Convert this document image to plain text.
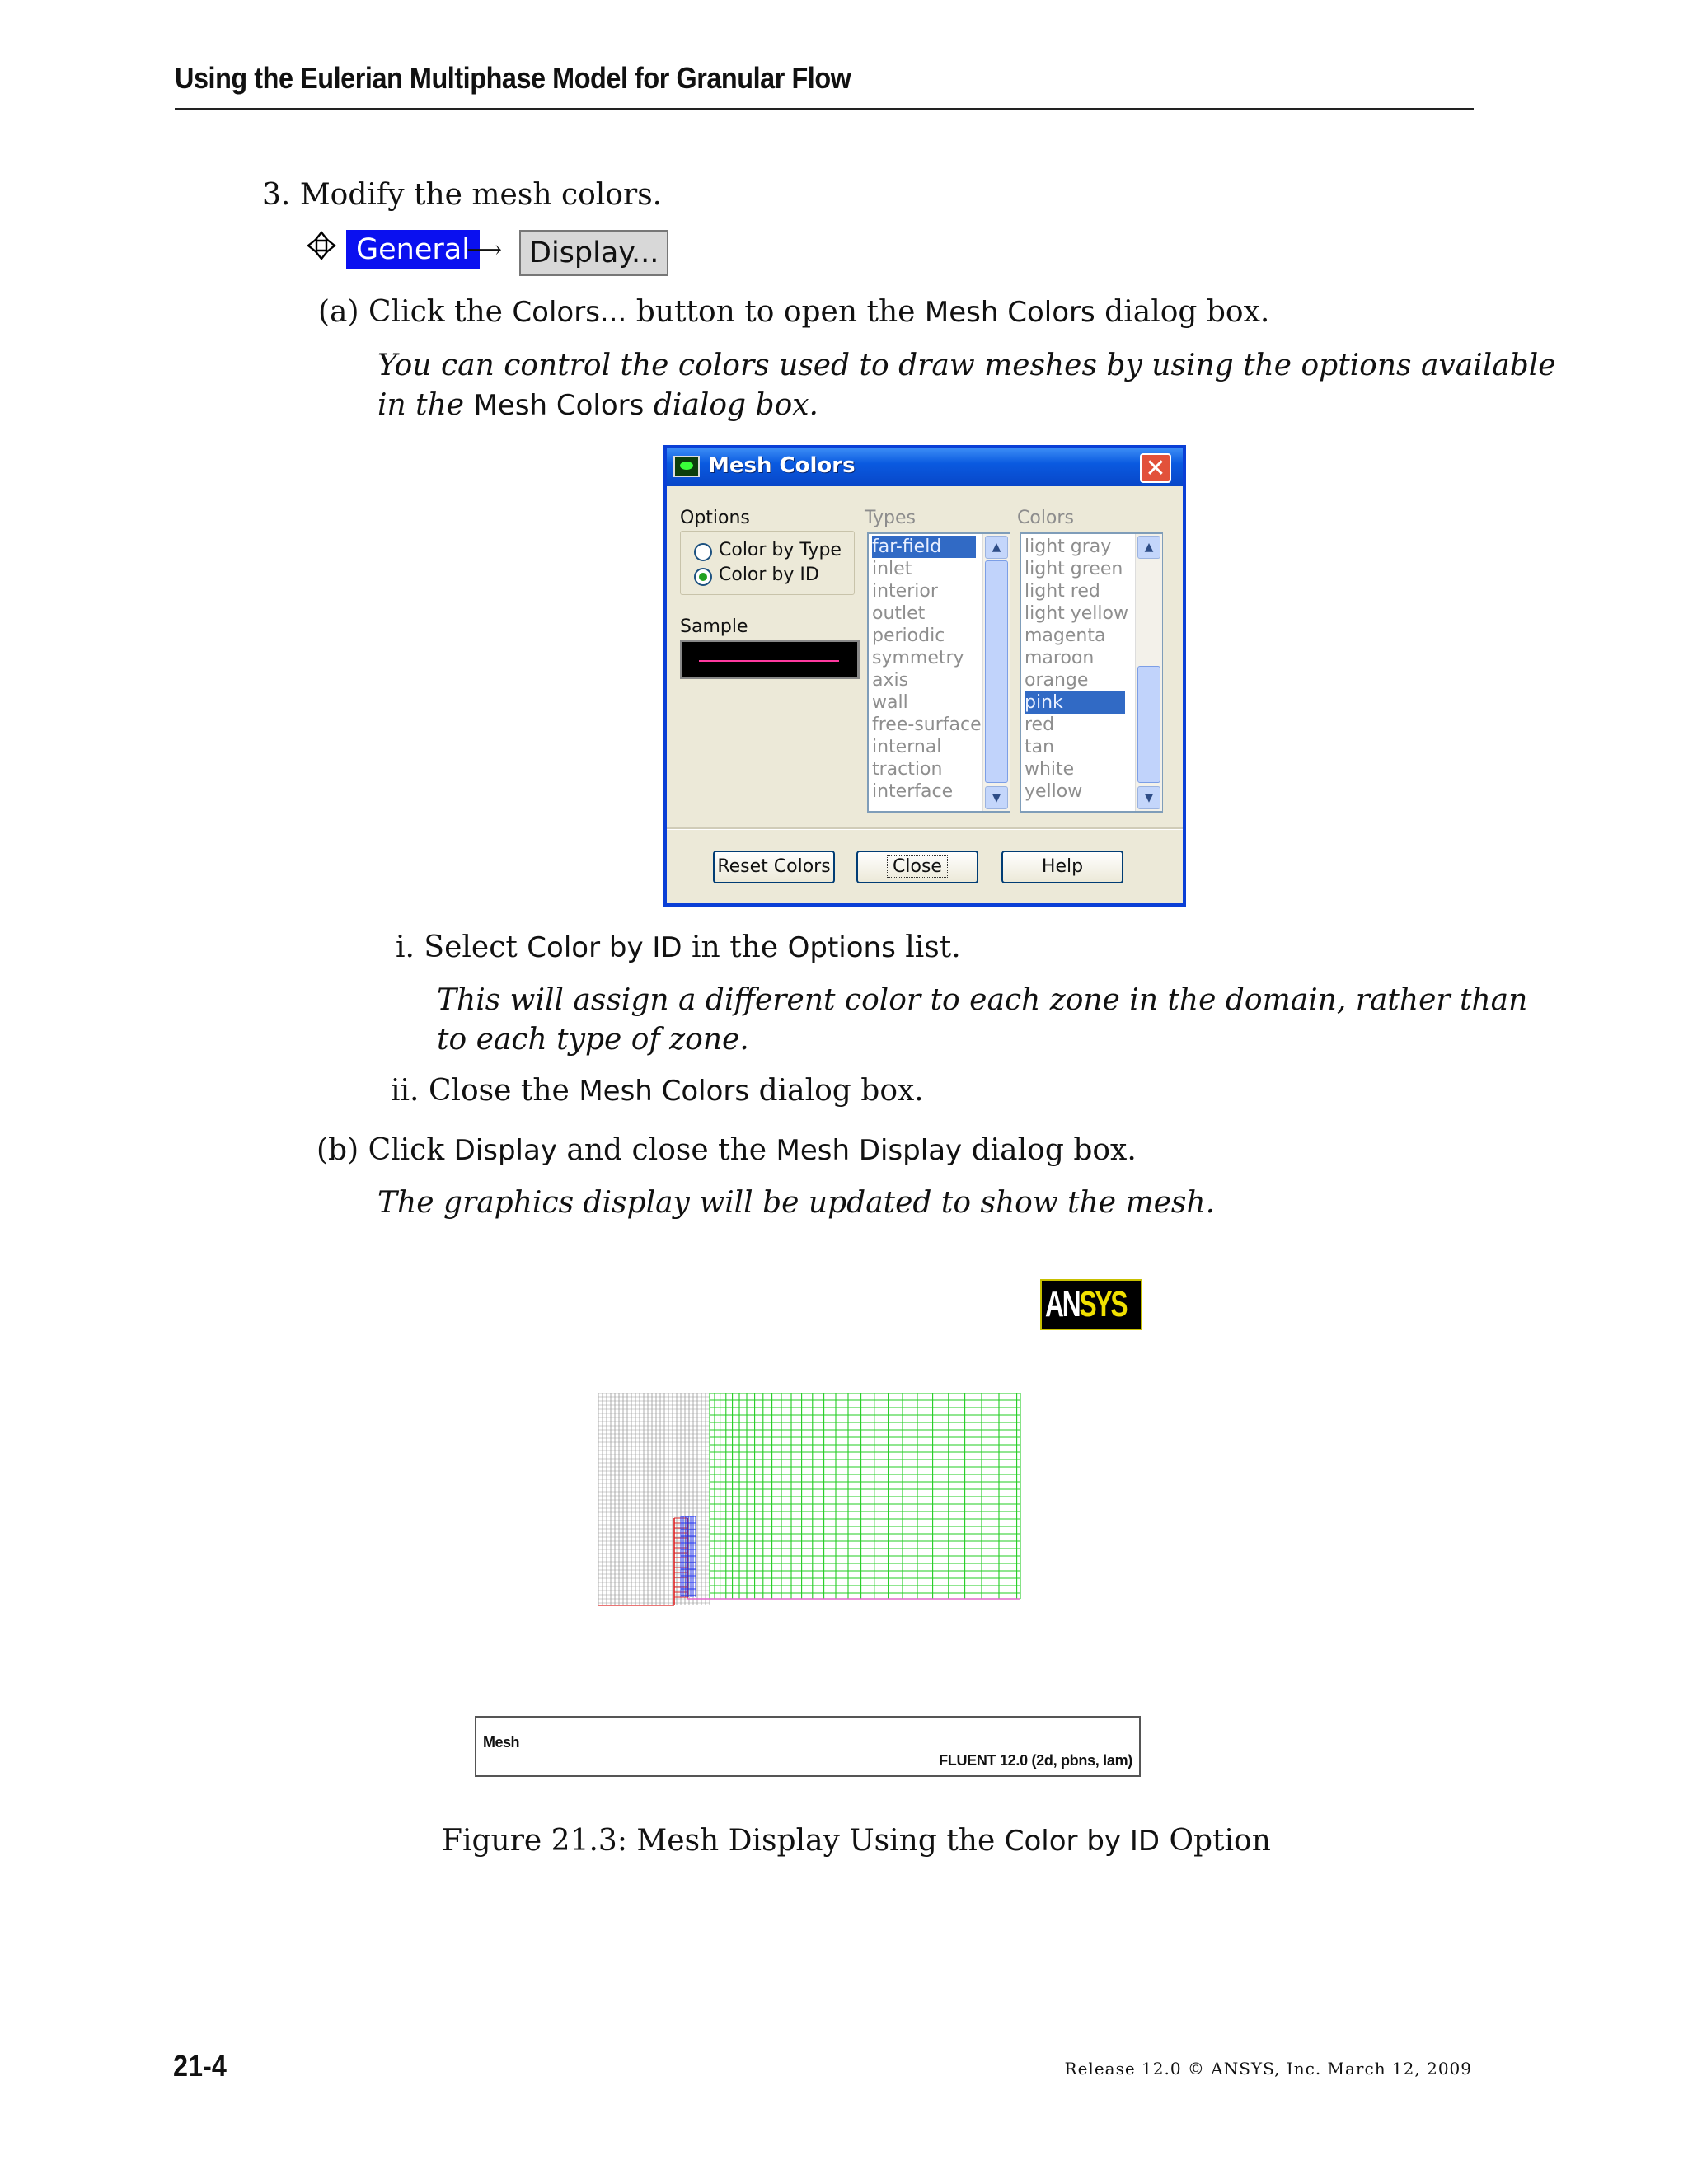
Using the Eulerian Multiphase Model for Granular Flow
3. Modify the mesh colors.
General
⟶ Display...
(a) Click the Colors... button to open the Mesh Colors dialog box.
You can control the colors used to draw meshes by using the options available
in the Mesh Colors dialog box.
Mesh Colors	✕
Options
Color by Type
Color by ID
Sample
Types	Colors
far-field
inlet
interior
outlet
periodic
symmetry
axis
wall
free-surface
internal
traction
interface
▲
▼
light gray
light green
light red
light yellow
magenta
maroon
orange
pink
red
tan
white
yellow
▲
▼
Reset Colors	Close	Help
i. Select Color by ID in the Options list.
This will assign a different color to each zone in the domain, rather than
to each type of zone.
ii. Close the Mesh Colors dialog box.
(b) Click Display and close the Mesh Display dialog box.
The graphics display will be updated to show the mesh.
ANSYS
Mesh
FLUENT 12.0 (2d, pbns, lam)
Figure 21.3: Mesh Display Using the Color by ID Option
21-4	Release 12.0 © ANSYS, Inc. March 12, 2009
